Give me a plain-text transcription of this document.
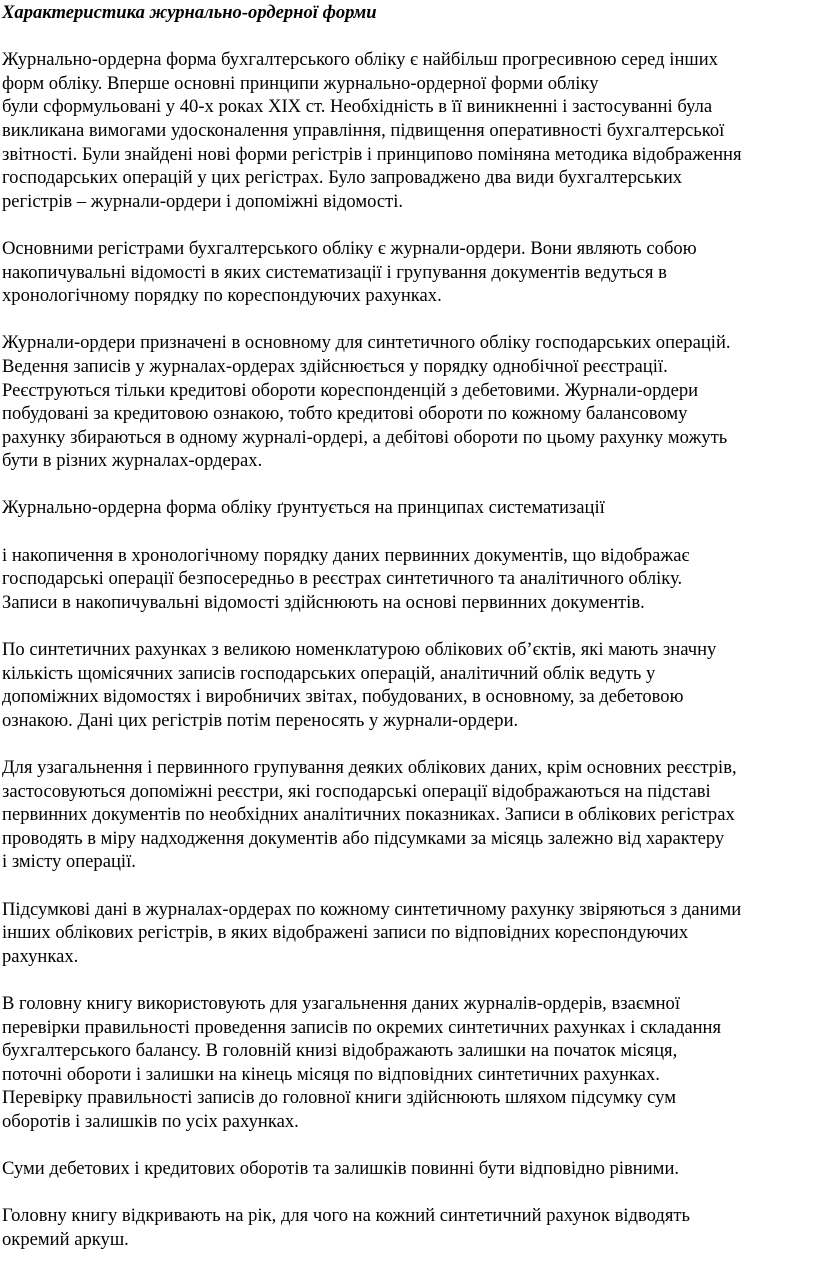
Характеристика журнально-ордерної форми

Журнально-ордерна форма бухгалтерського обліку є найбільш прогресивною серед інших
форм обліку. Вперше основні принципи журнально-ордерної форми обліку
були сформульовані у 40-х роках XIX ст. Необхідність в її виникненні і застосуванні була
викликана вимогами удосконалення управління, підвищення оперативності бухгалтерської
звітності. Були знайдені нові форми регістрів і принципово поміняна методика відображення
господарських операцій у цих регістрах. Було запроваджено два види бухгалтерських
регістрів – журнали-ордери і допоміжні відомості.

Основними регістрами бухгалтерського обліку є журнали-ордери. Вони являють собою
накопичувальні відомості в яких систематизації і групування документів ведуться в
хронологічному порядку по кореспондуючих рахунках.

Журнали-ордери призначені в основному для синтетичного обліку господарських операцій.
Ведення записів у журналах-ордерах здійснюється у порядку однобічної реєстрації.
Реєструються тільки кредитові обороти кореспонденцій з дебетовими. Журнали-ордери
побудовані за кредитовою ознакою, тобто кредитові обороти по кожному балансовому
рахунку збираються в одному журналі-ордері, а дебітові обороти по цьому рахунку можуть
бути в різних журналах-ордерах.

Журнально-ордерна форма обліку ґрунтується на принципах систематизації

і накопичення в хронологічному порядку даних первинних документів, що відображає
господарські операції безпосередньо в реєстрах синтетичного та аналітичного обліку.
Записи в накопичувальні відомості здійснюють на основі первинних документів.

По синтетичних рахунках з великою номенклатурою облікових об’єктів, які мають значну
кількість щомісячних записів господарських операцій, аналітичний облік ведуть у
допоміжних відомостях і виробничих звітах, побудованих, в основному, за дебетовою
ознакою. Дані цих регістрів потім переносять у журнали-ордери.

Для узагальнення і первинного групування деяких облікових даних, крім основних реєстрів,
застосовуються допоміжні реєстри, які господарські операції відображаються на підставі
первинних документів по необхідних аналітичних показниках. Записи в облікових регістрах
проводять в міру надходження документів або підсумками за місяць залежно від характеру
і змісту операції.

Підсумкові дані в журналах-ордерах по кожному синтетичному рахунку звіряються з даними
інших облікових регістрів, в яких відображені записи по відповідних кореспондуючих
рахунках.

В головну книгу використовують для узагальнення даних журналів-ордерів, взаємної
перевірки правильності проведення записів по окремих синтетичних рахунках і складання
бухгалтерського балансу. В головній книзі відображають залишки на початок місяця,
поточні обороти і залишки на кінець місяця по відповідних синтетичних рахунках.
Перевірку правильності записів до головної книги здійснюють шляхом підсумку сум
оборотів і залишків по усіх рахунках.

Суми дебетових і кредитових оборотів та залишків повинні бути відповідно рівними.

Головну книгу відкривають на рік, для чого на кожний синтетичний рахунок відводять
окремий аркуш.
